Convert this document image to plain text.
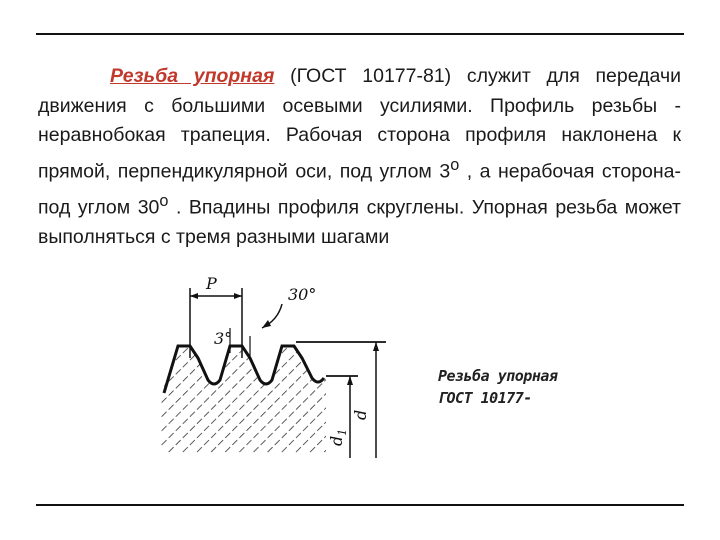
Резьба упорная (ГОСТ 10177-81) служит для передачи движения с большими осевыми усилиями. Профиль резьбы - неравнобокая трапеция. Рабочая сторона профиля наклонена к прямой, перпендикулярной оси, под углом $3^о$ , а нерабочая сторона- под углом $30^о$ . Впадины профиля скруглены. Упорная резьба может выполняться с тремя разными шагами

P
30°
3°
d
$d_1$
Резьба упорная
ГОСТ 10177-
